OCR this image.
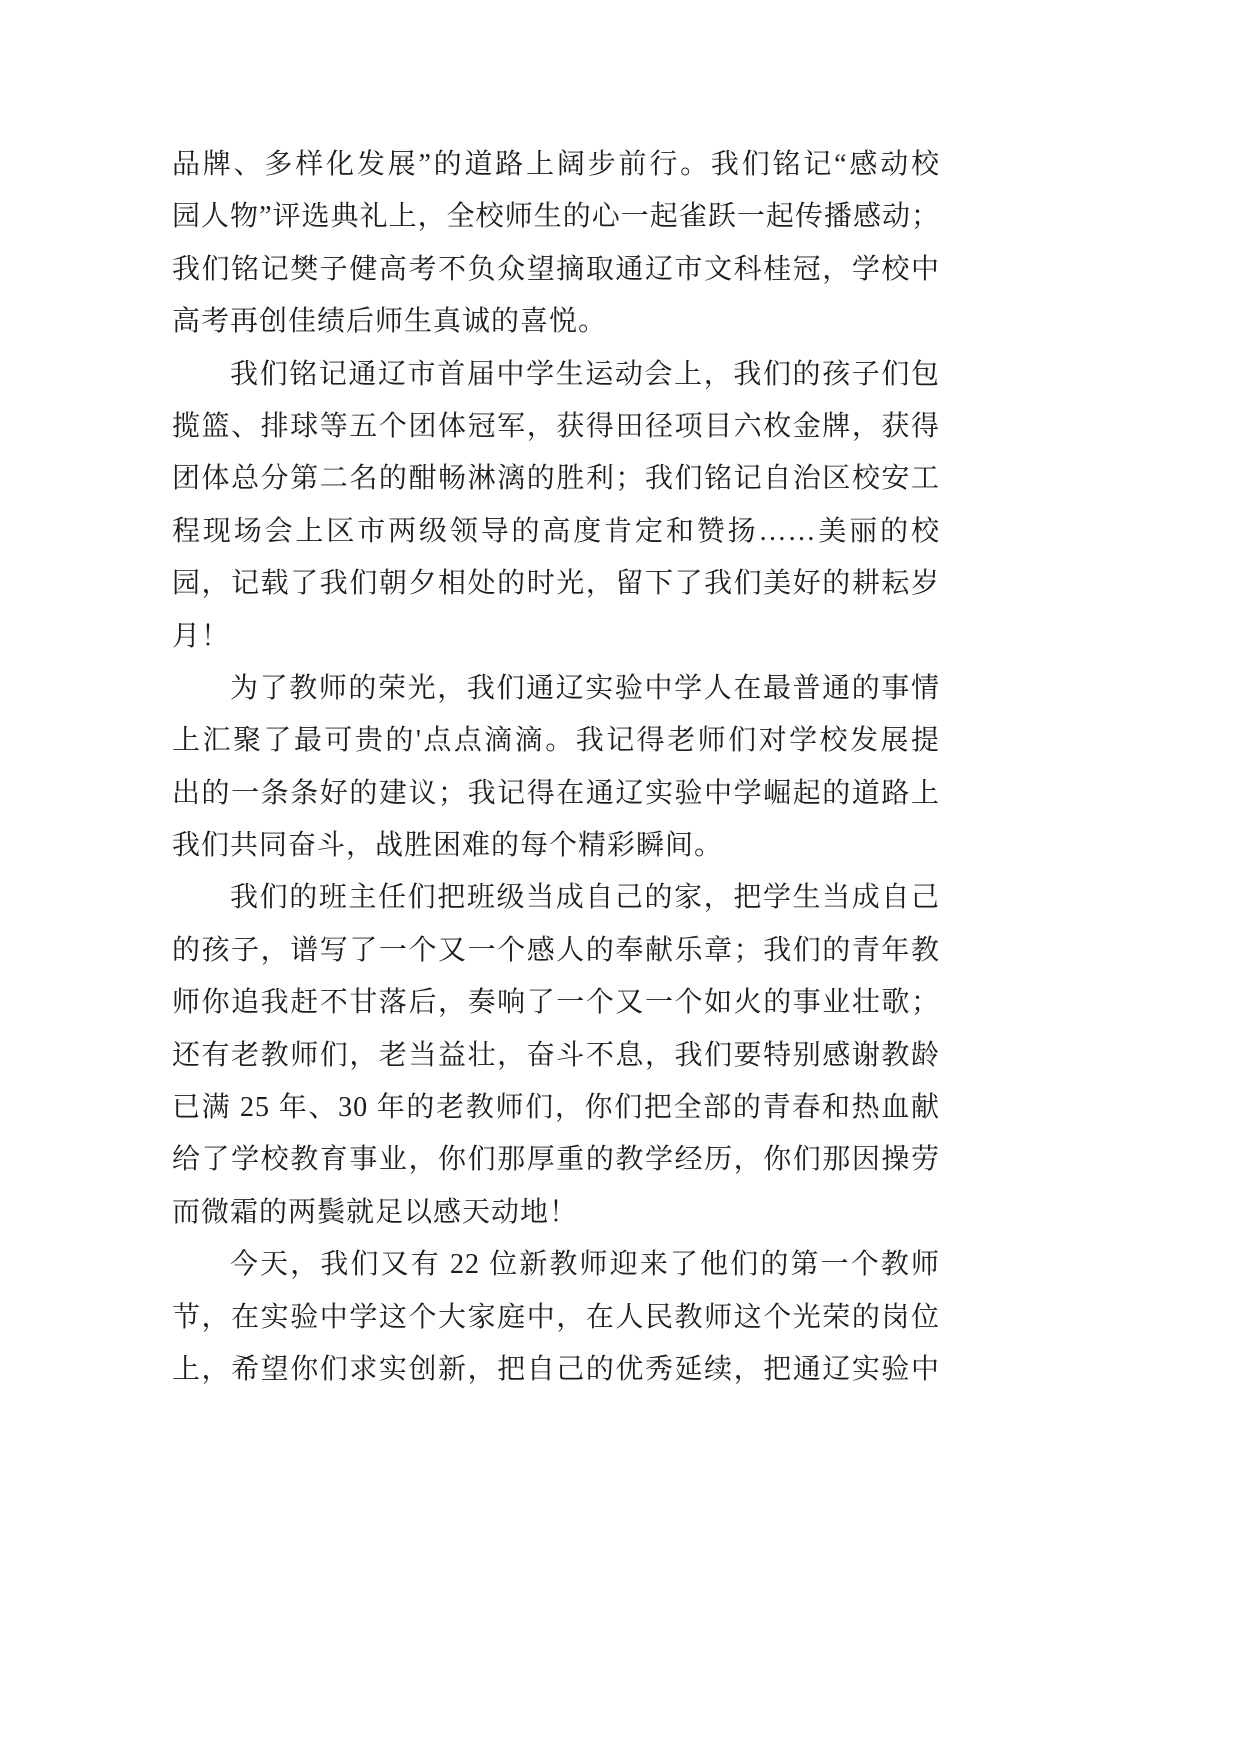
品牌、多样化发展”的道路上阔步前行。我们铭记“感动校
园人物”评选典礼上，全校师生的心一起雀跃一起传播感动；
我们铭记樊子健高考不负众望摘取通辽市文科桂冠，学校中
高考再创佳绩后师生真诚的喜悦。
我们铭记通辽市首届中学生运动会上，我们的孩子们包
揽篮、排球等五个团体冠军，获得田径项目六枚金牌，获得
团体总分第二名的酣畅淋漓的胜利；我们铭记自治区校安工
程现场会上区市两级领导的高度肯定和赞扬……美丽的校
园，记载了我们朝夕相处的时光，留下了我们美好的耕耘岁
月！
为了教师的荣光，我们通辽实验中学人在最普通的事情
上汇聚了最可贵的'点点滴滴。我记得老师们对学校发展提
出的一条条好的建议；我记得在通辽实验中学崛起的道路上
我们共同奋斗，战胜困难的每个精彩瞬间。
我们的班主任们把班级当成自己的家，把学生当成自己
的孩子，谱写了一个又一个感人的奉献乐章；我们的青年教
师你追我赶不甘落后，奏响了一个又一个如火的事业壮歌；
还有老教师们，老当益壮，奋斗不息，我们要特别感谢教龄
已满 25 年、30 年的老教师们，你们把全部的青春和热血献
给了学校教育事业，你们那厚重的教学经历，你们那因操劳
而微霜的两鬓就足以感天动地！
今天，我们又有 22 位新教师迎来了他们的第一个教师
节，在实验中学这个大家庭中，在人民教师这个光荣的岗位
上，希望你们求实创新，把自己的优秀延续，把通辽实验中
